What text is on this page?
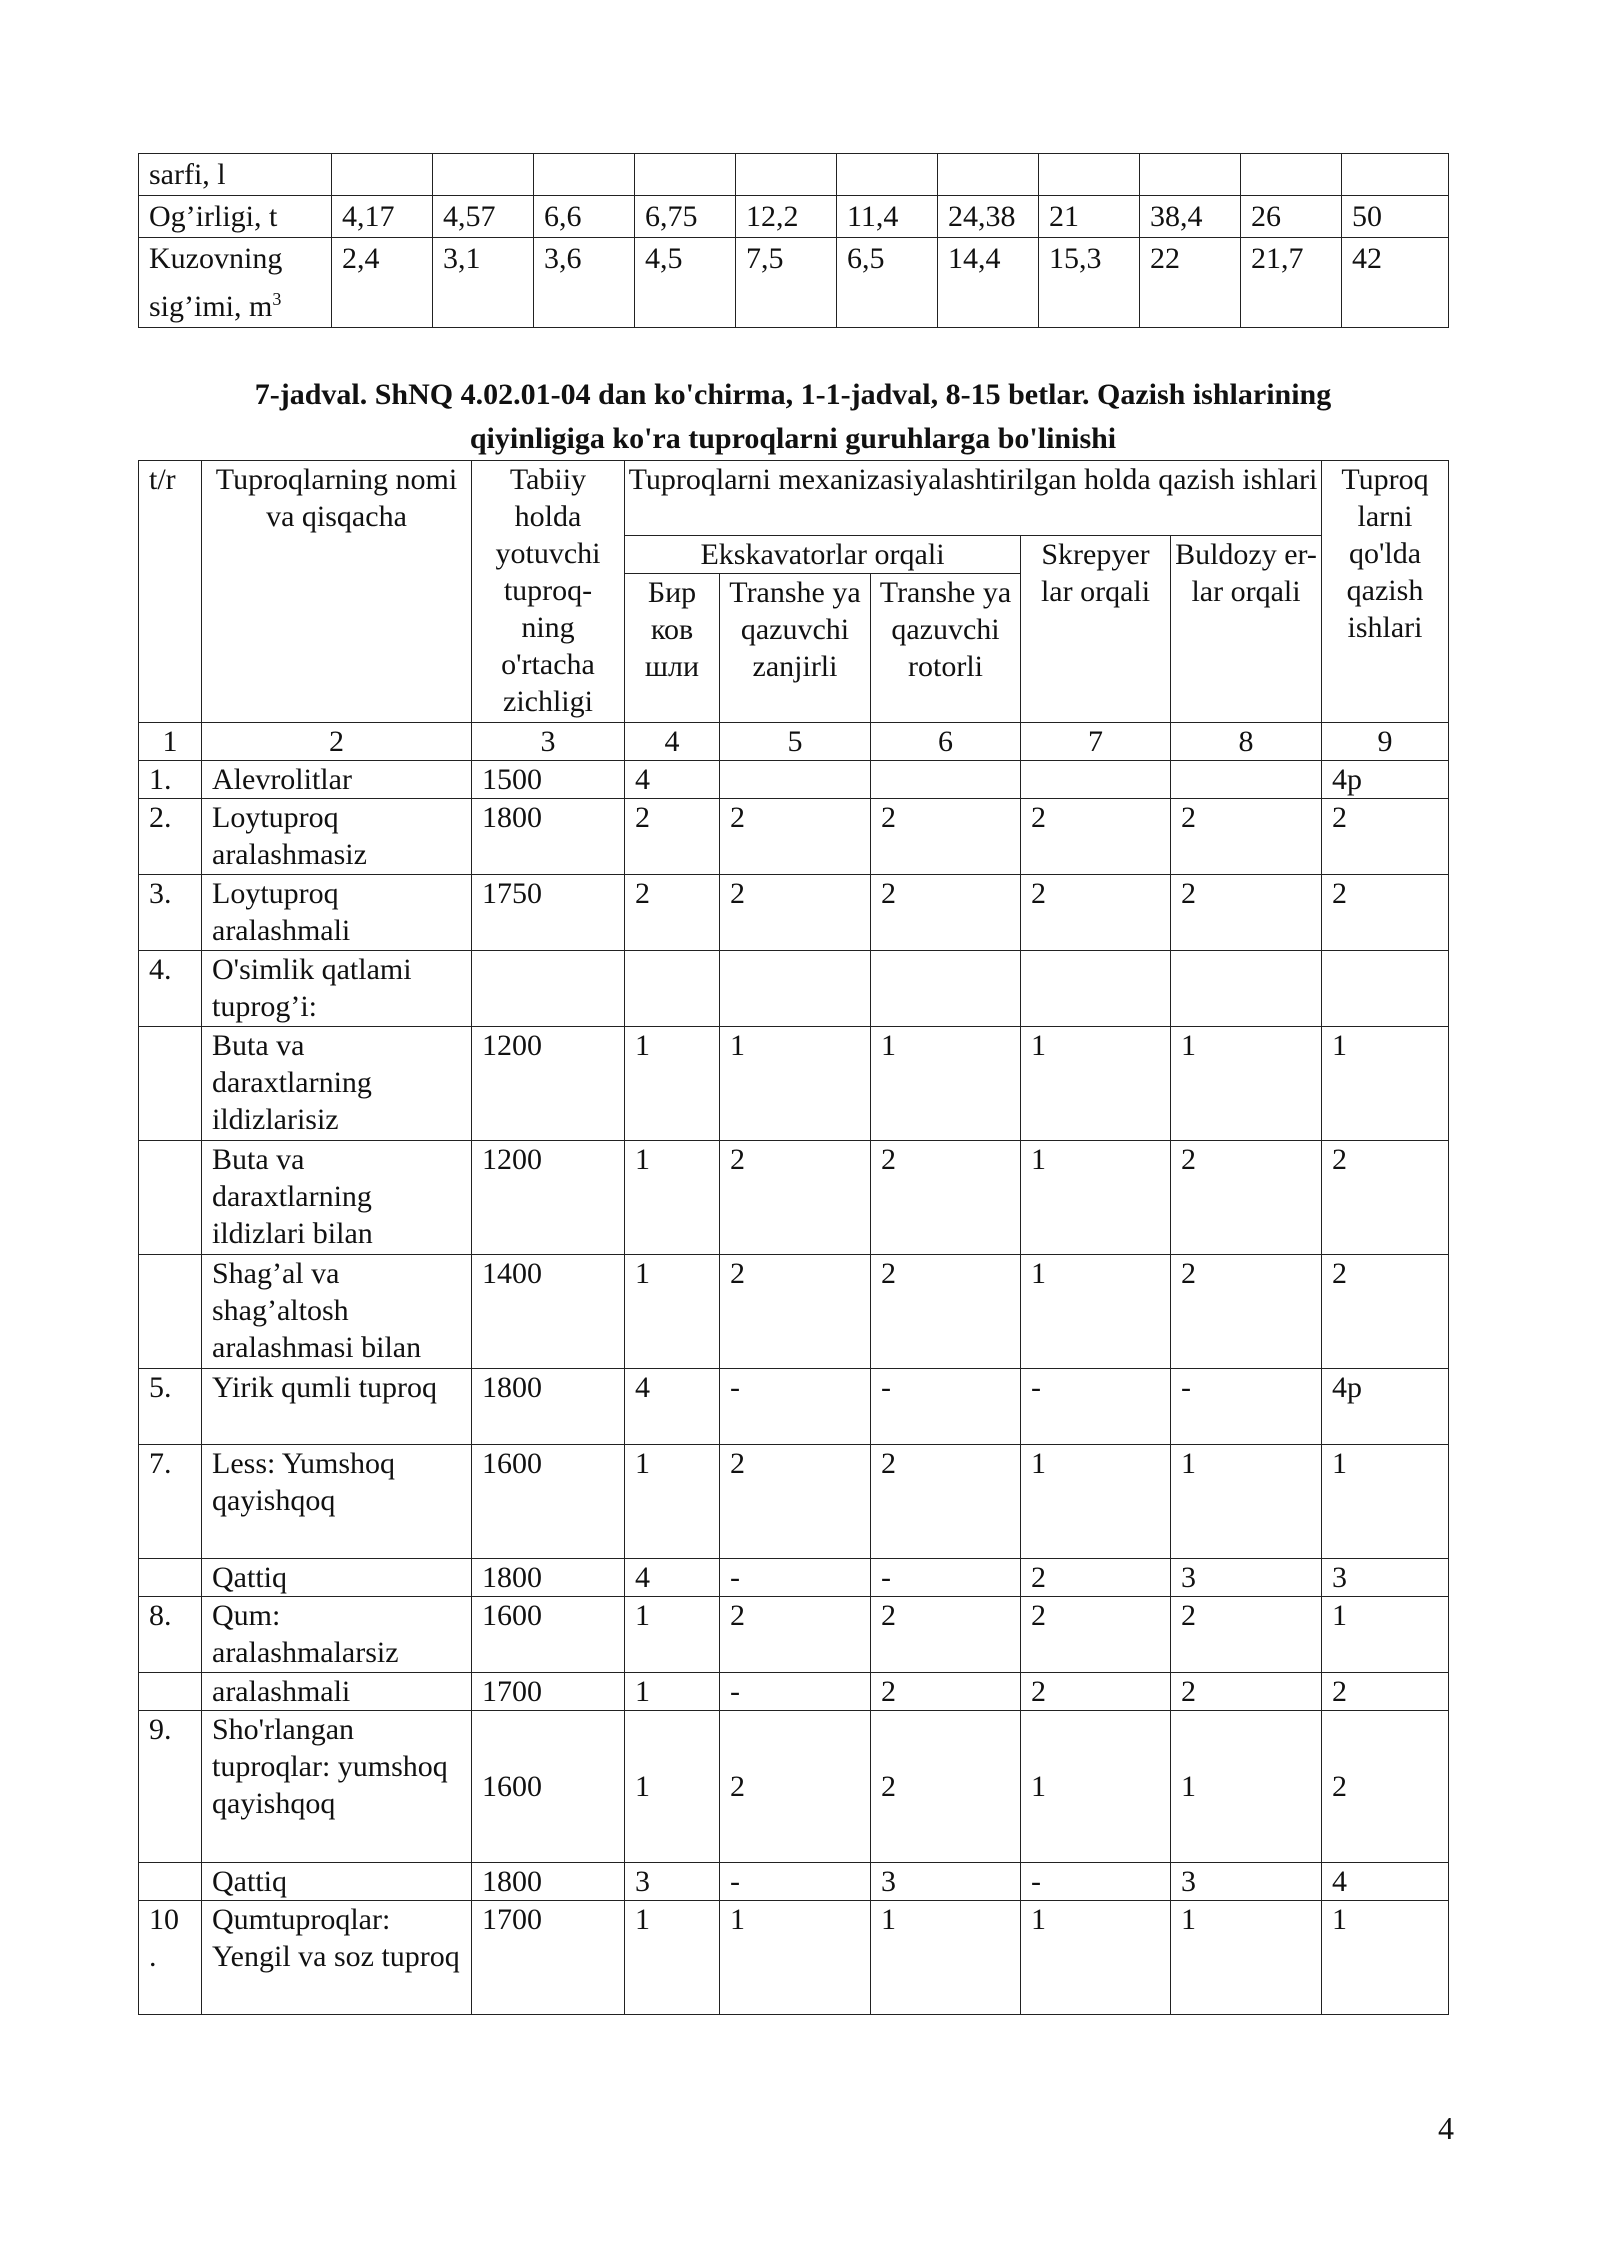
sarfi, l											
Og’irligi, t	4,17	4,57	6,6	6,75	12,2	11,4	24,38	21	38,4	26	50
Kuzovning sig’imi, $m^3$	2,4	3,1	3,6	4,5	7,5	6,5	14,4	15,3	22	21,7	42
7-jadval. ShNQ 4.02.01-04 dan ko'chirma, 1-1-jadval, 8-15 betlar. Qazish ishlarining
qiyinligiga ko'ra tuproqlarni guruhlarga bo'linishi
t/r	Tuproqlarning nomi va qisqacha	Tabiiy holda yotuvchi tuproq-ning o'rtacha zichligi	Tuproqlarni mexanizasiyalashtirilgan holda qazish ishlari					Tuproq larni qo'lda qazish ishlari
			Ekskavatorlar orqali			Skrepyer lar orqali	Buldozy er-lar orqali	
			Бир ков шли	Transhe ya qazuvchi zanjirli	Transhe ya qazuvchi rotorli			
1	2	3	4	5	6	7	8	9
1.	Alevrolitlar	1500	4					4p
2.	Loytuproq aralashmasiz	1800	2	2	2	2	2	2
3.	Loytuproq aralashmali	1750	2	2	2	2	2	2
4.	O'simlik qatlami tuprog’i:							
	Buta va daraxtlarning ildizlarisiz	1200	1	1	1	1	1	1
	Buta va daraxtlarning ildizlari bilan	1200	1	2	2	1	2	2
	Shag’al va shag’altosh aralashmasi bilan	1400	1	2	2	1	2	2
5.	Yirik qumli tuproq	1800	4	-	-	-	-	4p
7.	Less: Yumshoq qayishqoq	1600	1	2	2	1	1	1
	Qattiq	1800	4	-	-	2	3	3
8.	Qum: aralashmalarsiz	1600	1	2	2	2	2	1
	aralashmali	1700	1	-	2	2	2	2
9.	Sho'rlangan tuproqlar: yumshoq qayishqoq	1600	1	2	2	1	1	2
	Qattiq	1800	3	-	3	-	3	4
10 .	Qumtuproqlar: Yengil va soz tuproq	1700	1	1	1	1	1	1
4
